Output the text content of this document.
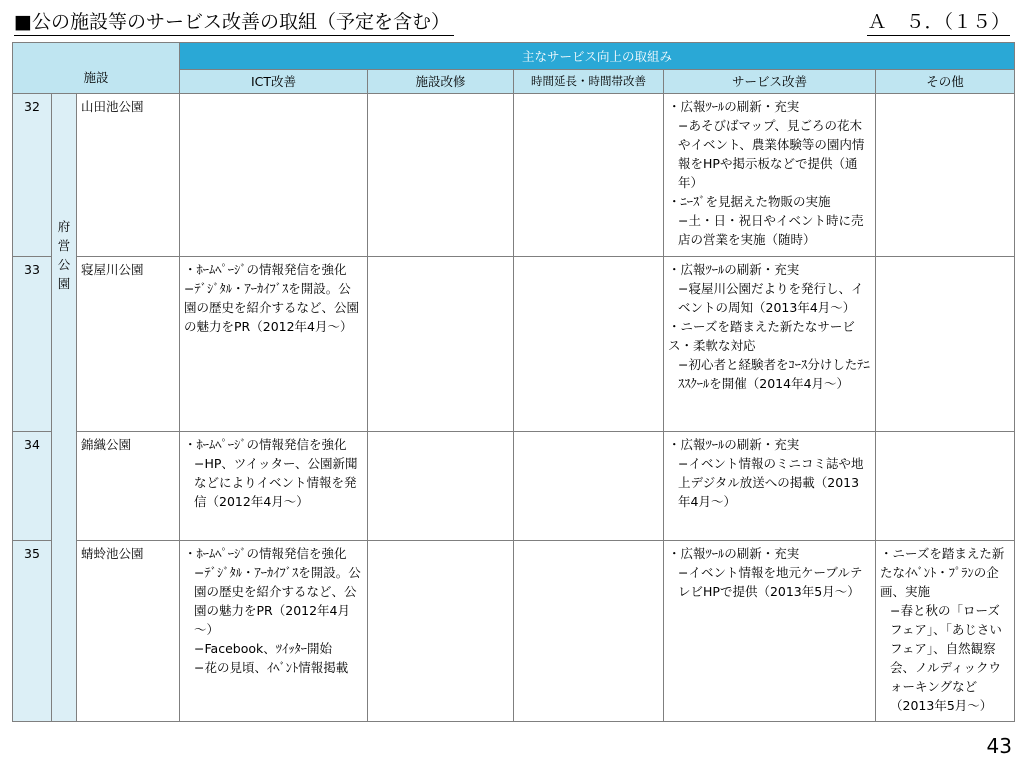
■公の施設等のサービス改善の取組（予定を含む）	Ａ　５．（１５）
施設			主なサービス向上の取組み				
			ICT改善	施設改修	時間延長・時間帯改善	サービス改善	その他
32	府営公園	山田池公園				・広報ﾂｰﾙの刷新・充実
−あそびばマップ、見ごろの花木やイベント、農業体験等の園内情報をHPや掲示板などで提供（通年）
・ﾆｰｽﾞを見据えた物販の実施
−土・日・祝日やイベント時に売店の営業を実施（随時）	

33		寝屋川公園	・ﾎｰﾑﾍﾟｰｼﾞの情報発信を強化
−ﾃﾞｼﾞﾀﾙ・ｱｰｶｲﾌﾞｽを開設。公園の歴史を紹介するなど、公園の魅力をPR（2012年4月～）			・広報ﾂｰﾙの刷新・充実
−寝屋川公園だよりを発行し、イベントの周知（2013年4月～）
・ニーズを踏まえた新たなサービス・柔軟な対応
−初心者と経験者をｺｰｽ分けしたﾃﾆｽｽｸｰﾙを開催（2014年4月～）	

34		錦織公園	・ﾎｰﾑﾍﾟｰｼﾞの情報発信を強化
−HP、ツイッター、公園新聞などによりイベント情報を発信（2012年4月～）			・広報ﾂｰﾙの刷新・充実
−イベント情報のミニコミ誌や地上デジタル放送への掲載（2013年4月～）	

35		蜻蛉池公園	・ﾎｰﾑﾍﾟｰｼﾞの情報発信を強化
−ﾃﾞｼﾞﾀﾙ・ｱｰｶｲﾌﾞｽを開設。公園の歴史を紹介するなど、公園の魅力をPR（2012年4月～）
−Facebook、ﾂｲｯﾀｰ開始
−花の見頃、ｲﾍﾞﾝﾄ情報掲載			・広報ﾂｰﾙの刷新・充実
−イベント情報を地元ケーブルテレビHPで提供（2013年5月～）	・ニーズを踏まえた新たなｲﾍﾞﾝﾄ・ﾌﾟﾗﾝの企画、実施
−春と秋の「ローズフェア」、「あじさいフェア」、自然観察会、ノルディックウォーキングなど（2013年5月～）
43
